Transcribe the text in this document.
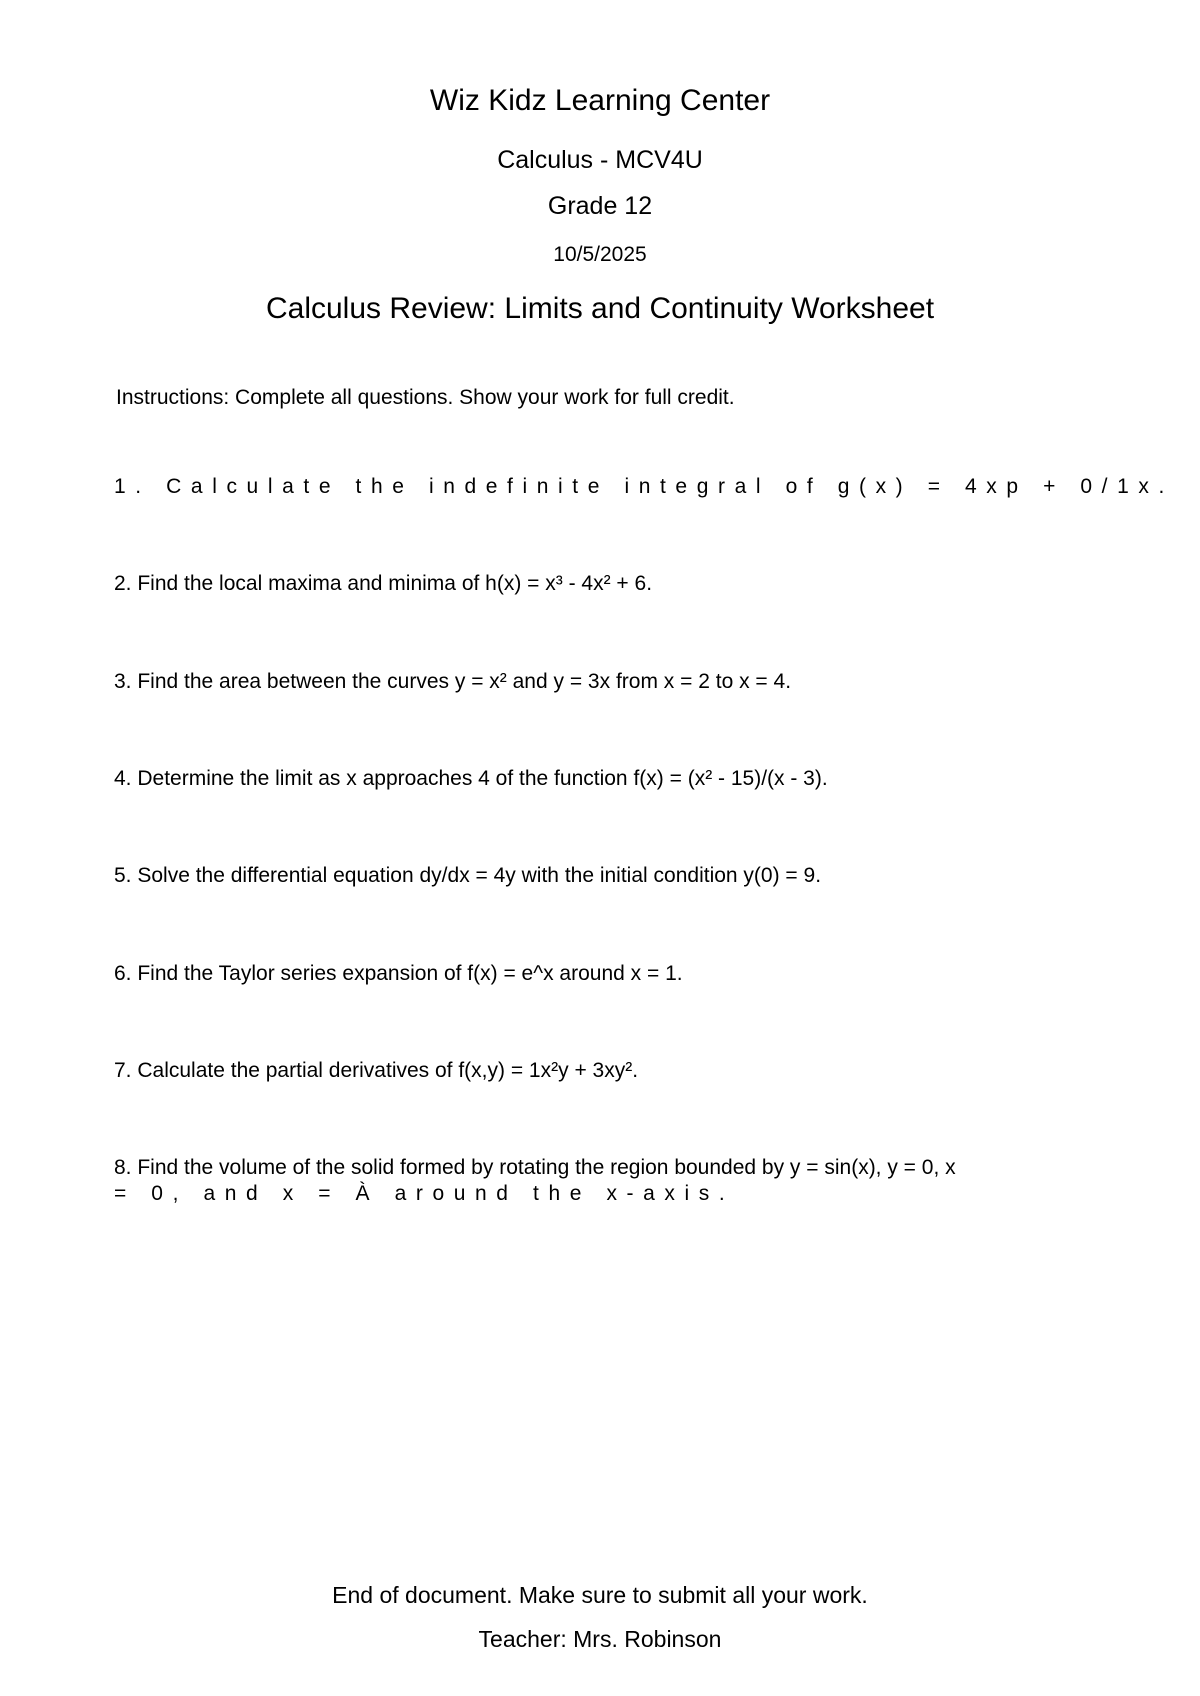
Wiz Kidz Learning Center
Calculus - MCV4U
Grade 12
10/5/2025
Calculus Review: Limits and Continuity Worksheet
Instructions: Complete all questions. Show your work for full credit.
1. Calculate the indefinite integral of g(x) = 4xp + 0/1x.
2. Find the local maxima and minima of h(x) = x³ - 4x² + 6.
3. Find the area between the curves y = x² and y = 3x from x = 2 to x = 4.
4. Determine the limit as x approaches 4 of the function f(x) = (x² - 15)/(x - 3).
5. Solve the differential equation dy/dx = 4y with the initial condition y(0) = 9.
6. Find the Taylor series expansion of f(x) = e^x around x = 1.
7. Calculate the partial derivatives of f(x,y) = 1x²y + 3xy².
8. Find the volume of the solid formed by rotating the region bounded by y = sin(x), y = 0, x
= 0, and x = À around the x-axis.
End of document. Make sure to submit all your work.
Teacher: Mrs. Robinson
